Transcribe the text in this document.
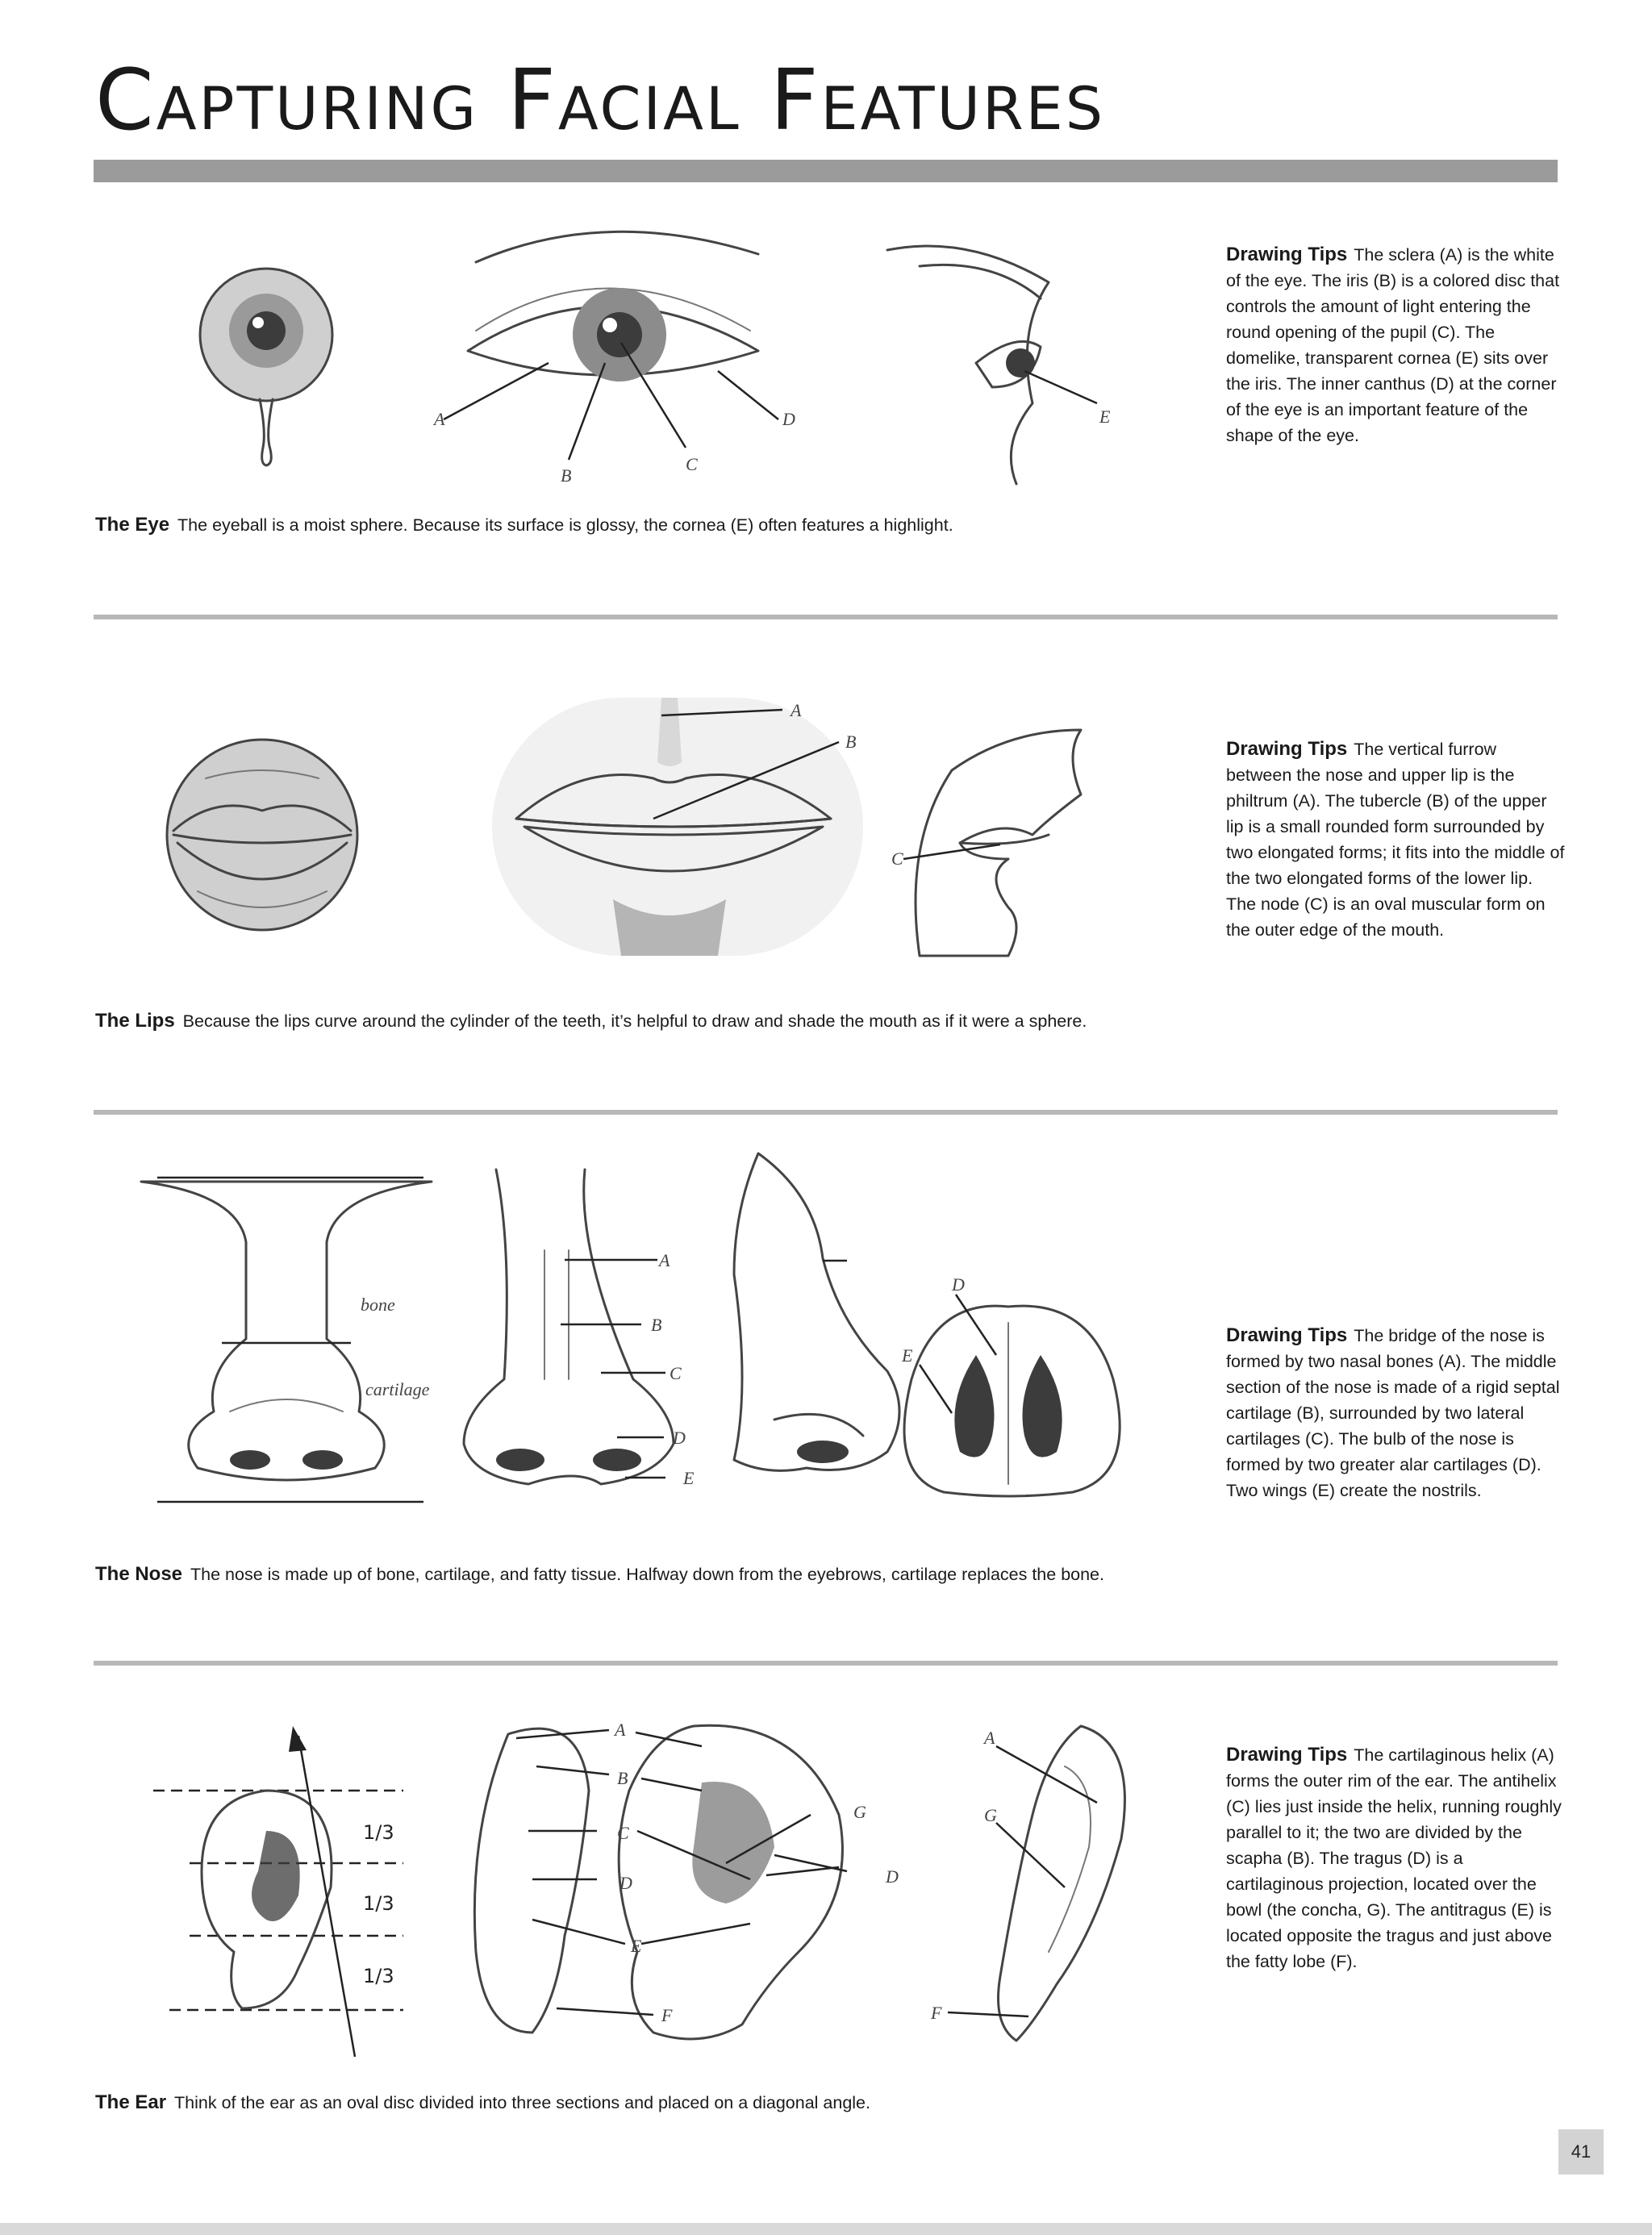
Capturing Facial Features
A
B
C
D	E
Drawing Tips The sclera (A) is the white of the eye. The iris (B) is a colored disc that controls the amount of light entering the round opening of the pupil (C). The domelike, transparent cornea (E) sits over the iris. The inner canthus (D) at the corner of the eye is an important feature of the shape of the eye.
The Eye The eyeball is a moist sphere. Because its surface is glossy, the cornea (E) often features a highlight.
A
B
C
Drawing Tips The vertical furrow between the nose and upper lip is the philtrum (A). The tubercle (B) of the upper lip is a small rounded form surrounded by two elongated forms; it fits into the middle of the two elongated forms of the lower lip. The node (C) is an oval muscular form on the outer edge of the mouth.
The Lips Because the lips curve around the cylinder of the teeth, it’s helpful to draw and shade the mouth as if it were a sphere.
bone
cartilage
A
B
C
D
E
D
E
Drawing Tips The bridge of the nose is formed by two nasal bones (A). The middle section of the nose is made of a rigid septal cartilage (B), surrounded by two lateral cartilages (C). The bulb of the nose is formed by two greater alar cartilages (D). Two wings (E) create the nostrils.
The Nose The nose is made up of bone, cartilage, and fatty tissue. Halfway down from the eyebrows, cartilage replaces the bone.
1/3
1/3
1/3
A
B
C
D
E
F
G
D
A
G
F
Drawing Tips The cartilaginous helix (A) forms the outer rim of the ear. The antihelix (C) lies just inside the helix, running roughly parallel to it; the two are divided by the scapha (B). The tragus (D) is a cartilaginous projection, located over the bowl (the concha, G). The antitragus (E) is located opposite the tragus and just above the fatty lobe (F).
The Ear Think of the ear as an oval disc divided into three sections and placed on a diagonal angle.
41
